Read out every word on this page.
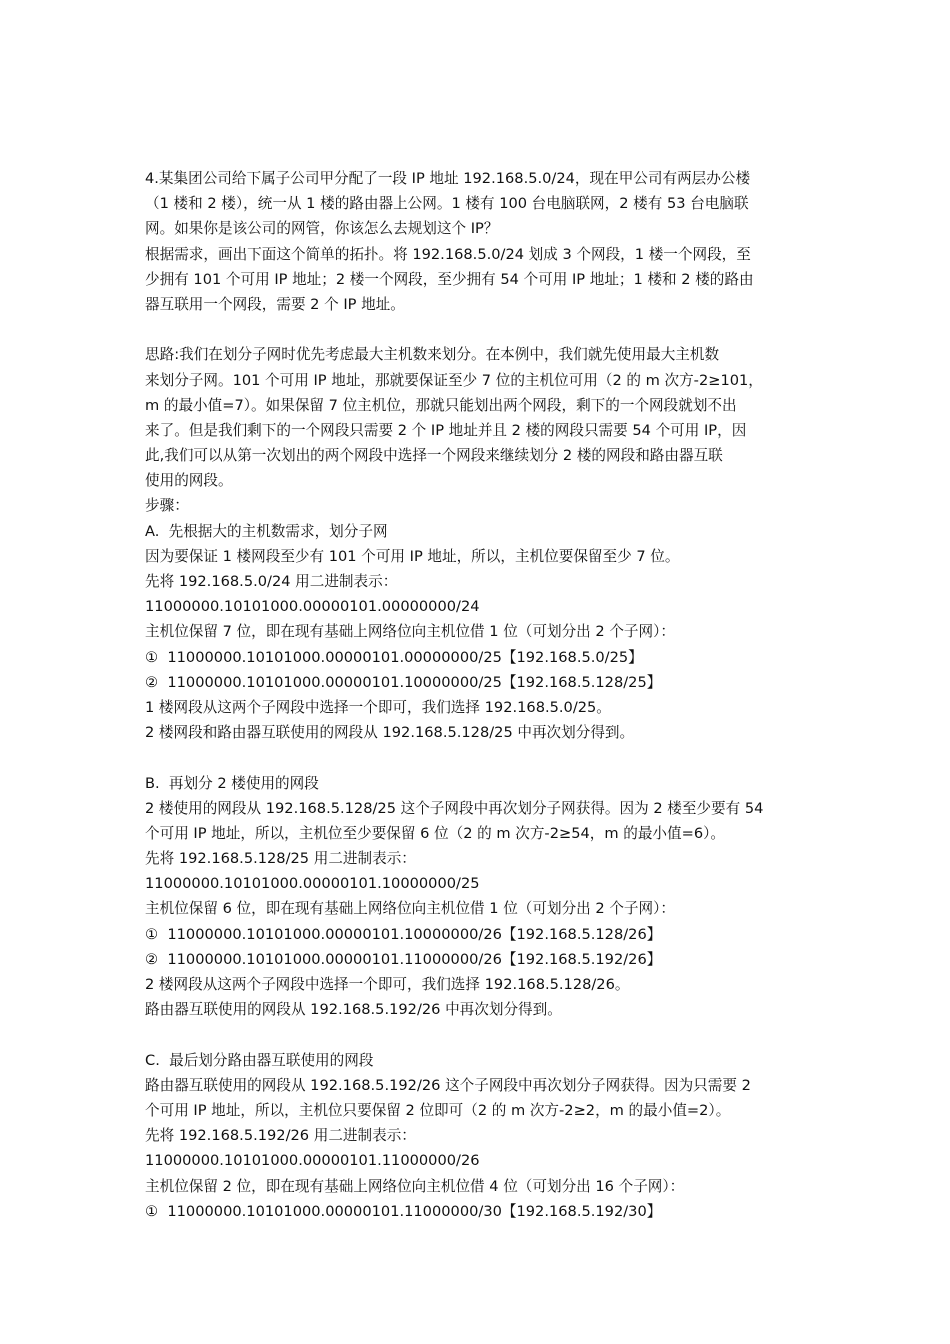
4.某集团公司给下属子公司甲分配了一段 IP 地址 192.168.5.0/24，现在甲公司有两层办公楼
（1 楼和 2 楼），统一从 1 楼的路由器上公网。1 楼有 100 台电脑联网，2 楼有 53 台电脑联
网。如果你是该公司的网管，你该怎么去规划这个 IP？
根据需求，画出下面这个简单的拓扑。将 192.168.5.0/24 划成 3 个网段，1 楼一个网段，至
少拥有 101 个可用 IP 地址；2 楼一个网段，至少拥有 54 个可用 IP 地址；1 楼和 2 楼的路由
器互联用一个网段，需要 2 个 IP 地址。
思路:我们在划分子网时优先考虑最大主机数来划分。在本例中，我们就先使用最大主机数
来划分子网。101 个可用 IP 地址，那就要保证至少 7 位的主机位可用（2 的 m 次方-2≥101，
m 的最小值=7）。如果保留 7 位主机位，那就只能划出两个网段，剩下的一个网段就划不出
来了。但是我们剩下的一个网段只需要 2 个 IP 地址并且 2 楼的网段只需要 54 个可用 IP，因
此,我们可以从第一次划出的两个网段中选择一个网段来继续划分 2 楼的网段和路由器互联
使用的网段。
步骤：
A.  先根据大的主机数需求，划分子网
因为要保证 1 楼网段至少有 101 个可用 IP 地址，所以，主机位要保留至少 7 位。
先将 192.168.5.0/24 用二进制表示：
11000000.10101000.00000101.00000000/24
主机位保留 7 位，即在现有基础上网络位向主机位借 1 位（可划分出 2 个子网）：
①  11000000.10101000.00000101.00000000/25【192.168.5.0/25】
②  11000000.10101000.00000101.10000000/25【192.168.5.128/25】
1 楼网段从这两个子网段中选择一个即可，我们选择 192.168.5.0/25。
2 楼网段和路由器互联使用的网段从 192.168.5.128/25 中再次划分得到。
B.  再划分 2 楼使用的网段
2 楼使用的网段从 192.168.5.128/25 这个子网段中再次划分子网获得。因为 2 楼至少要有 54
个可用 IP 地址，所以，主机位至少要保留 6 位（2 的 m 次方-2≥54，m 的最小值=6）。
先将 192.168.5.128/25 用二进制表示：
11000000.10101000.00000101.10000000/25
主机位保留 6 位，即在现有基础上网络位向主机位借 1 位（可划分出 2 个子网）：
①  11000000.10101000.00000101.10000000/26【192.168.5.128/26】
②  11000000.10101000.00000101.11000000/26【192.168.5.192/26】
2 楼网段从这两个子网段中选择一个即可，我们选择 192.168.5.128/26。
路由器互联使用的网段从 192.168.5.192/26 中再次划分得到。
C.  最后划分路由器互联使用的网段
路由器互联使用的网段从 192.168.5.192/26 这个子网段中再次划分子网获得。因为只需要 2
个可用 IP 地址，所以，主机位只要保留 2 位即可（2 的 m 次方-2≥2，m 的最小值=2）。
先将 192.168.5.192/26 用二进制表示：
11000000.10101000.00000101.11000000/26
主机位保留 2 位，即在现有基础上网络位向主机位借 4 位（可划分出 16 个子网）：
①  11000000.10101000.00000101.11000000/30【192.168.5.192/30】
